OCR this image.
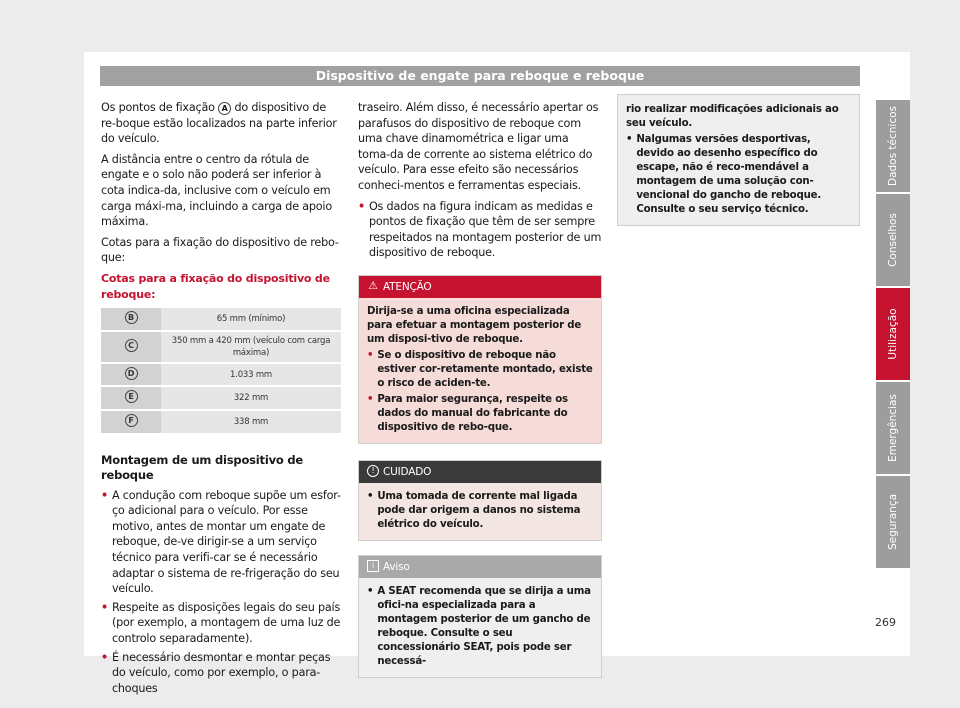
Dispositivo de engate para reboque e reboque

Os pontos de fixação A do dispositivo de re-boque estão localizados na parte inferior do veículo.

A distância entre o centro da rótula de engate e o solo não poderá ser inferior à cota indica-da, inclusive com o veículo em carga máxi-ma, incluindo a carga de apoio máxima.

Cotas para a fixação do dispositivo de rebo-que:

Cotas para a fixação do dispositivo de reboque:
B	65 mm (mínimo)
C	350 mm a 420 mm (veículo com carga máxima)
D	1.033 mm
E	322 mm
F	338 mm
Montagem de um dispositivo de reboque
• A condução com reboque supõe um esfor-ço adicional para o veículo. Por esse motivo, antes de montar um engate de reboque, de-ve dirigir-se a um serviço técnico para verifi-car se é necessário adaptar o sistema de re-frigeração do seu veículo.
• Respeite as disposições legais do seu país (por exemplo, a montagem de uma luz de controlo separadamente).
• É necessário desmontar e montar peças do veículo, como por exemplo, o para-choques

traseiro. Além disso, é necessário apertar os parafusos do dispositivo de reboque com uma chave dinamométrica e ligar uma toma-da de corrente ao sistema elétrico do veículo. Para esse efeito são necessários conheci-mentos e ferramentas especiais.

• Os dados na figura indicam as medidas e pontos de fixação que têm de ser sempre respeitados na montagem posterior de um dispositivo de reboque.
⚠ ATENÇÃO
Dirija-se a uma oficina especializada para efetuar a montagem posterior de um disposi-tivo de reboque.
• Se o dispositivo de reboque não estiver cor-retamente montado, existe o risco de aciden-te.
• Para maior segurança, respeite os dados do manual do fabricante do dispositivo de rebo-que.
! CUIDADO
• Uma tomada de corrente mal ligada pode dar origem a danos no sistema elétrico do veículo.
i Aviso
• A SEAT recomenda que se dirija a uma ofici-na especializada para a montagem posterior de um gancho de reboque. Consulte o seu concessionário SEAT, pois pode ser necessá-
rio realizar modificações adicionais ao seu veículo.
• Nalgumas versões desportivas, devido ao desenho específico do escape, não é reco-mendável a montagem de uma solução con-vencional do gancho de reboque. Consulte o seu serviço técnico.
Dados técnicos
Conselhos
Utilização
Emergências
Segurança
269
